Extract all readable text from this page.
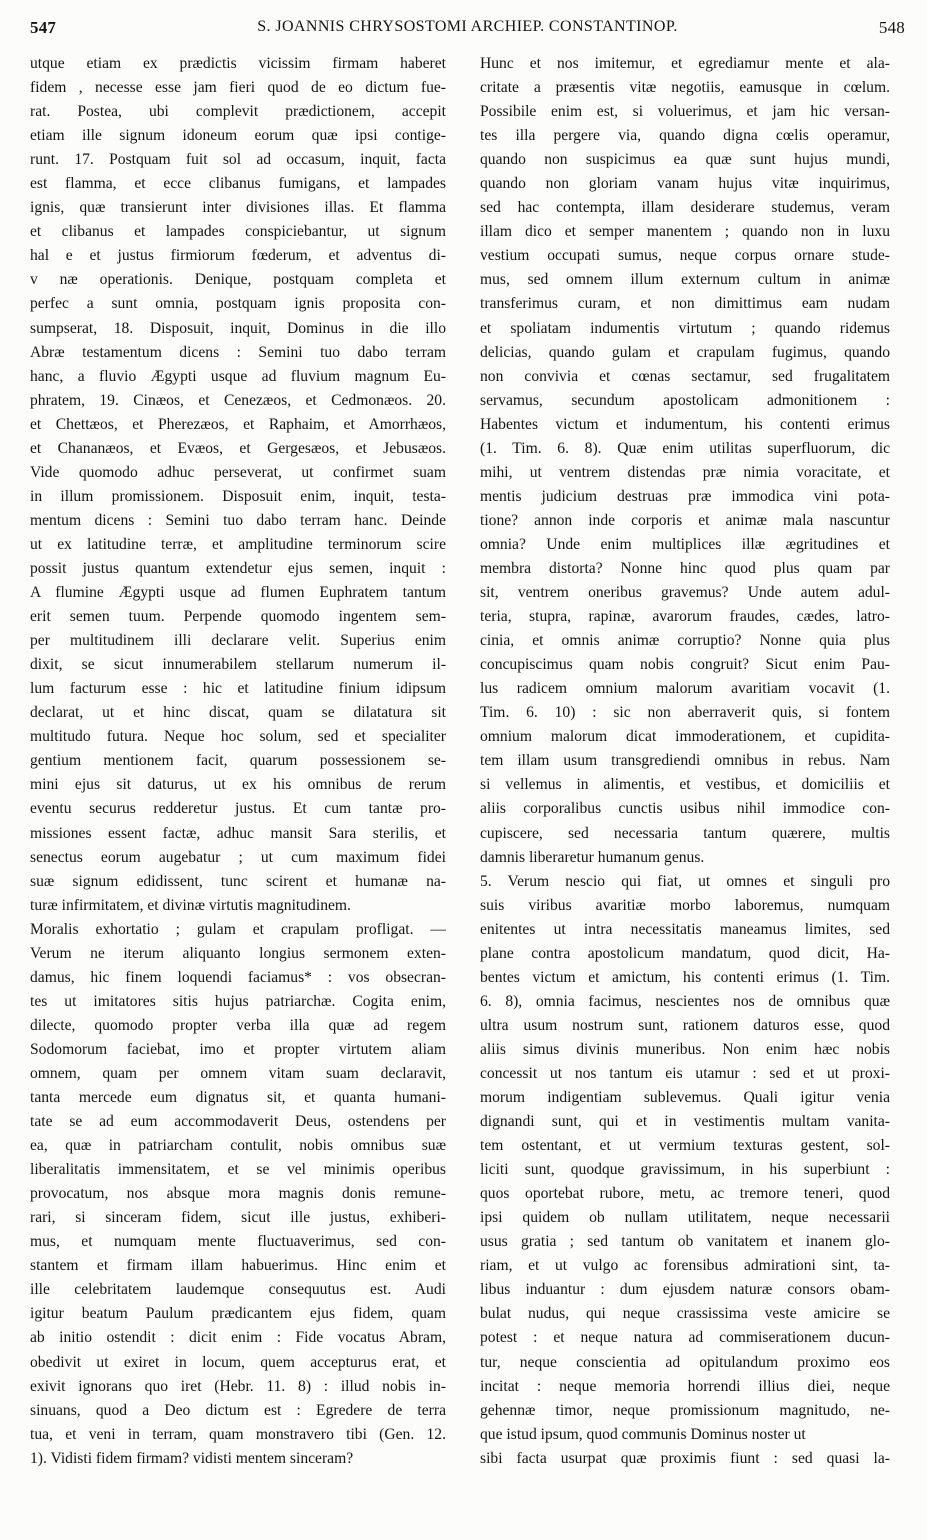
547	S. JOANNIS CHRYSOSTOMI ARCHIEP. CONSTANTINOP.	548
utque etiam ex prædictis vicissim firmam haberet
fidem , necesse esse jam fieri quod de eo dictum fue-
rat. Postea, ubi complevit prædictionem, accepit
etiam ille signum idoneum eorum quæ ipsi contige-
runt. 17. Postquam fuit sol ad occasum, inquit, facta
est flamma, et ecce clibanus fumigans, et lampades
ignis, quæ transierunt inter divisiones illas. Et flamma
et clibanus et lampades conspiciebantur, ut signum
hal e et justus firmiorum fœderum, et adventus di-
v næ operationis. Denique, postquam completa et
perfec a sunt omnia, postquam ignis proposita con-
sumpserat, 18. Disposuit, inquit, Dominus in die illo
Abræ testamentum dicens : Semini tuo dabo terram
hanc, a fluvio Ægypti usque ad fluvium magnum Eu-
phratem, 19. Cinæos, et Cenezæos, et Cedmonæos. 20.
et Chettæos, et Pherezæos, et Raphaim, et Amorrhæos,
et Chananæos, et Evæos, et Gergesæos, et Jebusæos.
Vide quomodo adhuc perseverat, ut confirmet suam
in illum promissionem. Disposuit enim, inquit, testa-
mentum dicens : Semini tuo dabo terram hanc. Deinde
ut ex latitudine terræ, et amplitudine terminorum scire
possit justus quantum extendetur ejus semen, inquit :
A flumine Ægypti usque ad flumen Euphratem tantum
erit semen tuum. Perpende quomodo ingentem sem-
per multitudinem illi declarare velit. Superius enim
dixit, se sicut innumerabilem stellarum numerum il-
lum facturum esse : hic et latitudine finium idipsum
declarat, ut et hinc discat, quam se dilatatura sit
multitudo futura. Neque hoc solum, sed et specialiter
gentium mentionem facit, quarum possessionem se-
mini ejus sit daturus, ut ex his omnibus de rerum
eventu securus redderetur justus. Et cum tantæ pro-
missiones essent factæ, adhuc mansit Sara sterilis, et
senectus eorum augebatur ; ut cum maximum fidei
suæ signum edidissent, tunc scirent et humanæ na-
turæ infirmitatem, et divinæ virtutis magnitudinem.
Moralis exhortatio ; gulam et crapulam profligat. —
Verum ne iterum aliquanto longius sermonem exten-
damus, hic finem loquendi faciamus* : vos obsecran-
tes ut imitatores sitis hujus patriarchæ. Cogita enim,
dilecte, quomodo propter verba illa quæ ad regem
Sodomorum faciebat, imo et propter virtutem aliam
omnem, quam per omnem vitam suam declaravit,
tanta mercede eum dignatus sit, et quanta humani-
tate se ad eum accommodaverit Deus, ostendens per
ea, quæ in patriarcham contulit, nobis omnibus suæ
liberalitatis immensitatem, et se vel minimis operibus
provocatum, nos absque mora magnis donis remune-
rari, si sinceram fidem, sicut ille justus, exhiberi-
mus, et numquam mente fluctuaverimus, sed con-
stantem et firmam illam habuerimus. Hinc enim et
ille celebritatem laudemque consequutus est. Audi
igitur beatum Paulum prædicantem ejus fidem, quam
ab initio ostendit : dicit enim : Fide vocatus Abram,
obedivit ut exiret in locum, quem accepturus erat, et
exivit ignorans quo iret (Hebr. 11. 8) : illud nobis in-
sinuans, quod a Deo dictum est : Egredere de terra
tua, et veni in terram, quam monstravero tibi (Gen. 12.
1). Vidisti fidem firmam? vidisti mentem sinceram?
Hunc et nos imitemur, et egrediamur mente et ala-
critate a præsentis vitæ negotiis, eamusque in cœlum.
Possibile enim est, si voluerimus, et jam hic versan-
tes illa pergere via, quando digna cœlis operamur,
quando non suspicimus ea quæ sunt hujus mundi,
quando non gloriam vanam hujus vitæ inquirimus,
sed hac contempta, illam desiderare studemus, veram
illam dico et semper manentem ; quando non in luxu
vestium occupati sumus, neque corpus ornare stude-
mus, sed omnem illum externum cultum in animæ
transferimus curam, et non dimittimus eam nudam
et spoliatam indumentis virtutum ; quando ridemus
delicias, quando gulam et crapulam fugimus, quando
non convivia et cœnas sectamur, sed frugalitatem
servamus, secundum apostolicam admonitionem :
Habentes victum et indumentum, his contenti erimus
(1. Tim. 6. 8). Quæ enim utilitas superfluorum, dic
mihi, ut ventrem distendas præ nimia voracitate, et
mentis judicium destruas præ immodica vini pota-
tione? annon inde corporis et animæ mala nascuntur
omnia? Unde enim multiplices illæ ægritudines et
membra distorta? Nonne hinc quod plus quam par
sit, ventrem oneribus gravemus? Unde autem adul-
teria, stupra, rapinæ, avarorum fraudes, cædes, latro-
cinia, et omnis animæ corruptio? Nonne quia plus
concupiscimus quam nobis congruit? Sicut enim Pau-
lus radicem omnium malorum avaritiam vocavit (1.
Tim. 6. 10) : sic non aberraverit quis, si fontem
omnium malorum dicat immoderationem, et cupidita-
tem illam usum transgrediendi omnibus in rebus. Nam
si vellemus in alimentis, et vestibus, et domiciliis et
aliis corporalibus cunctis usibus nihil immodice con-
cupiscere, sed necessaria tantum quærere, multis
damnis liberaretur humanum genus.
5. Verum nescio qui fiat, ut omnes et singuli pro
suis viribus avaritiæ morbo laboremus, numquam
enitentes ut intra necessitatis maneamus limites, sed
plane contra apostolicum mandatum, quod dicit, Ha-
bentes victum et amictum, his contenti erimus (1. Tim.
6. 8), omnia facimus, nescientes nos de omnibus quæ
ultra usum nostrum sunt, rationem daturos esse, quod
aliis simus divinis muneribus. Non enim hæc nobis
concessit ut nos tantum eis utamur : sed et ut proxi-
morum indigentiam sublevemus. Quali igitur venia
dignandi sunt, qui et in vestimentis multam vanita-
tem ostentant, et ut vermium texturas gestent, sol-
liciti sunt, quodque gravissimum, in his superbiunt :
quos oportebat rubore, metu, ac tremore teneri, quod
ipsi quidem ob nullam utilitatem, neque necessarii
usus gratia ; sed tantum ob vanitatem et inanem glo-
riam, et ut vulgo ac forensibus admirationi sint, ta-
libus induantur : dum ejusdem naturæ consors obam-
bulat nudus, qui neque crassissima veste amicire se
potest : et neque natura ad commiserationem ducun-
tur, neque conscientia ad opitulandum proximo eos
incitat : neque memoria horrendi illius diei, neque
gehennæ timor, neque promissionum magnitudo, ne-
que istud ipsum, quod communis Dominus noster ut
sibi facta usurpat quæ proximis fiunt : sed quasi la-
